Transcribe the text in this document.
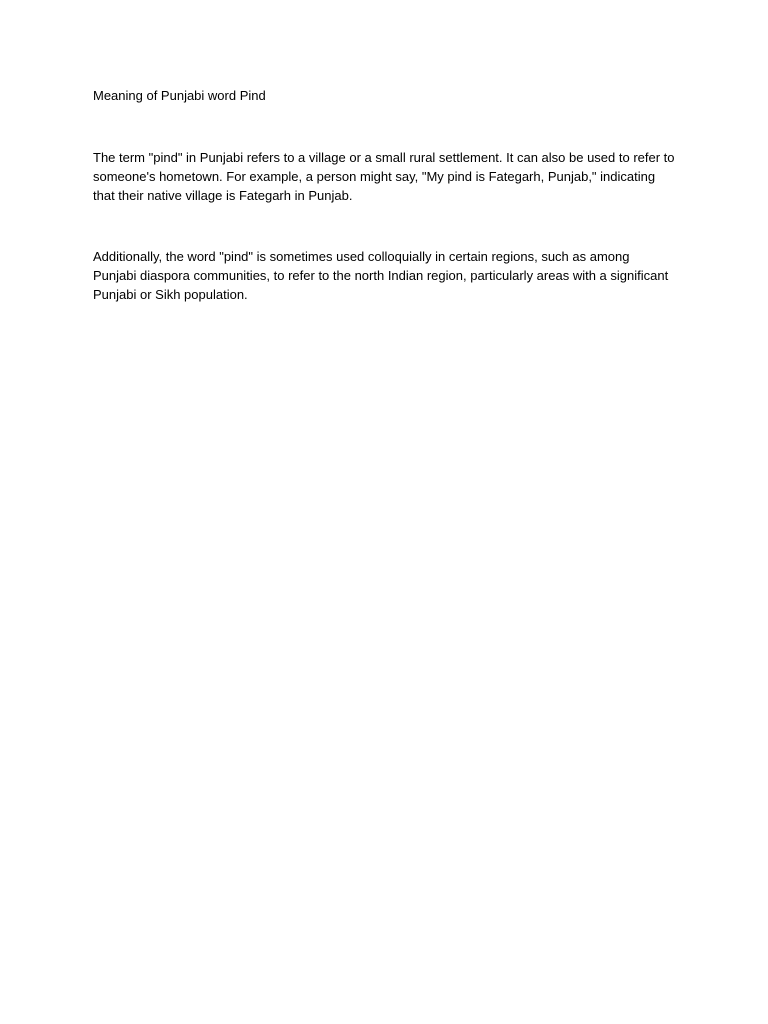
Meaning of Punjabi word Pind

The term "pind" in Punjabi refers to a village or a small rural settlement. It can also be used to refer to someone's hometown. For example, a person might say, "My pind is Fategarh, Punjab," indicating that their native village is Fategarh in Punjab.

Additionally, the word "pind" is sometimes used colloquially in certain regions, such as among Punjabi diaspora communities, to refer to the north Indian region, particularly areas with a significant Punjabi or Sikh population.
